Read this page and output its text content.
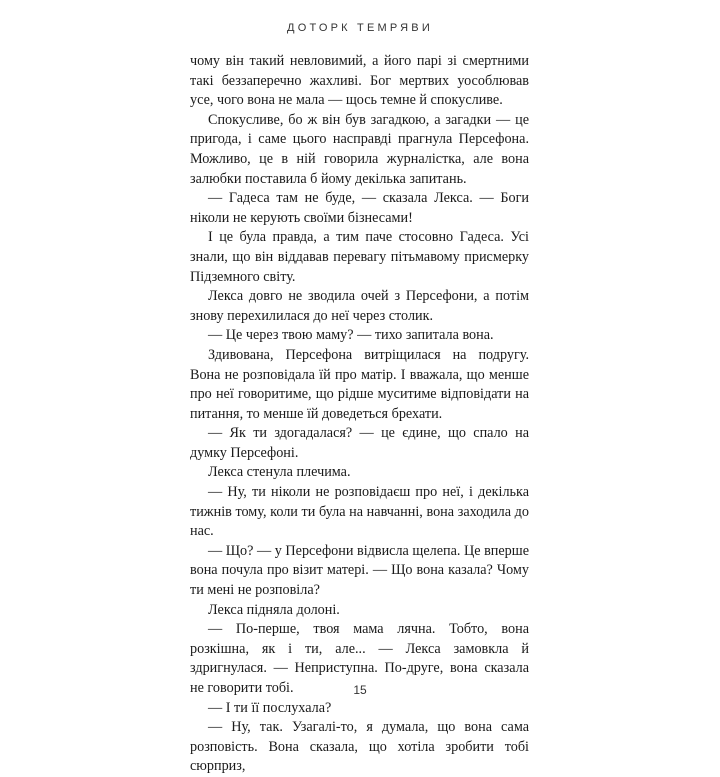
ДОТОРК ТЕМРЯВИ

чому він такий невловимий, а його парі зі смертними такі беззаперечно жахливі. Бог мертвих уособлював усе, чого вона не мала — щось темне й спокусливе.

Спокусливе, бо ж він був загадкою, а загадки — це пригода, і саме цього насправді прагнула Персефона. Можливо, це в ній говорила журналістка, але вона залюбки поставила б йому декілька запитань.

— Гадеса там не буде, — сказала Лекса. — Боги ніколи не керують своїми бізнесами!

І це була правда, а тим паче стосовно Гадеса. Усі знали, що він віддавав перевагу пітьмавому присмерку Підземного світу.

Лекса довго не зводила очей з Персефони, а потім знову перехилилася до неї через столик.

— Це через твою маму? — тихо запитала вона.

Здивована, Персефона витріщилася на подругу. Вона не розповідала їй про матір. І вважала, що менше про неї говоритиме, що рідше муситиме відповідати на питання, то менше їй доведеться брехати.

— Як ти здогадалася? — це єдине, що спало на думку Персефоні.

Лекса стенула плечима.

— Ну, ти ніколи не розповідаєш про неї, і декілька тижнів тому, коли ти була на навчанні, вона заходила до нас.

— Що? — у Персефони відвисла щелепа. Це вперше вона почула про візит матері. — Що вона казала? Чому ти мені не розповіла?

Лекса підняла долоні.

— По-перше, твоя мама лячна. Тобто, вона розкішна, як і ти, але... — Лекса замовкла й здригнулася. — Неприступна. По-друге, вона сказала не говорити тобі.

— І ти її послухала?

— Ну, так. Узагалі-то, я думала, що вона сама розповість. Вона сказала, що хотіла зробити тобі сюрприз,

15
